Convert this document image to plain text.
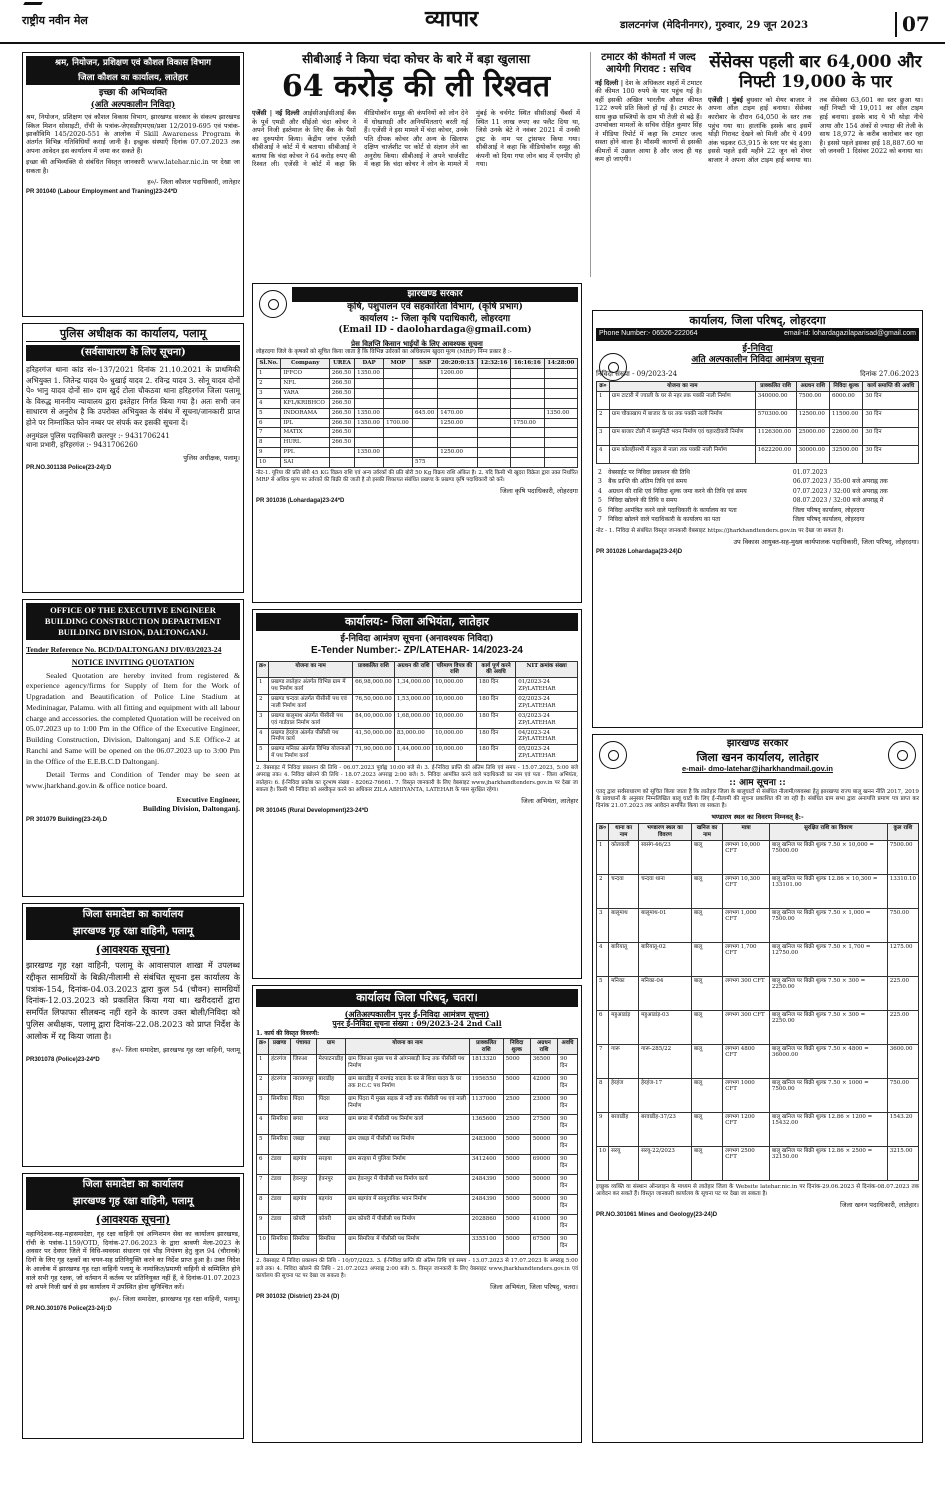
राष्ट्रीय नवीन मेल	व्यापार	डालटनगंज (मेदिनीनगर), गुरुवार, 29 जून 2023	07
श्रम, नियोजन, प्रशिक्षण एवं कौशल विकास विभाग
जिला कौशल का कार्यालय, लातेहार
इच्छा की अभिव्यक्ति
(अति अल्पकालीन निविदा)
श्रम, नियोजन, प्रशिक्षण एवं कौशल विकास विभाग, झारखण्ड सरकार के संकल्प झारखण्ड स्किल मिशन सोसाइटी, राँची के पत्रांक-जेएसडीएमएस/प्रशा 12/2019-695 एवं पत्रांक-झाकौविमि 145/2020-551 के आलोक में Skill Awareness Program के अंतर्गत विभिन्न गतिविधियाँ कराई जानी है। इच्छुक संस्थाएँ दिनांक 07.07.2023 तक अपना आवेदन इस कार्यालय में जमा कर सकते हैं।
इच्छा की अभिव्यक्ति से संबंधित विस्तृत जानकारी www.latehar.nic.in पर देखा जा सकता है।
ह०/- जिला कौशल पदाधिकारी, लातेहार
PR 301040 (Labour Employment and Traning)23-24*D
पुलिस अधीक्षक का कार्यालय, पलामू
(सर्वसाधारण के लिए सूचना)
हरिहरगंज थाना कांड सं०-137/2021 दिनांक 21.10.2021 के प्राथमिकी अभियुक्त 1. जितेन्द्र यादव पे० धुखाई यादव 2. रविन्द्र यादव 3. सोनू यादव दोनों पे० भानु यादव दोनों सा० दाम खुर्द टोला चौकठवा थाना हरिहरगंज जिला पलामू के विरुद्ध माननीय न्यायालय द्वारा इश्तेहार निर्गत किया गया है। अतः सभी जन साधारण से अनुरोध है कि उपरोक्त अभियुक्त के संबंध में सूचना/जानकारी प्राप्त होने पर निम्नांकित फोन नम्बर पर संपर्क कर इसकी सूचना दें।
अनुमंडल पुलिस पदाधिकारी छतरपुर :- 9431706241
थाना प्रभारी, हरिहरगंज :- 9431706260
पुलिस अधीक्षक, पलामू।
PR.NO.301138 Police(23-24):D
OFFICE OF THE EXECUTIVE ENGINEER BUILDING CONSTRUCTION DEPARTMENT BUILDING DIVISION, DALTONGANJ.
Tender Reference No. BCD/DALTONGANJ DIV/03/2023-24
NOTICE INVITING QUOTATION
Sealed Quotation are hereby invited from registered & experience agency/firms for Supply of Item for the Work of Upgradation and Beautification of Police Line Stadium at Medininagar, Palamu. with all fitting and equipment with all labour charge and accessories. the completed Quotation will be received on 05.07.2023 up to 1:00 Pm in the Office of the Executive Engineer, Building Construction, Division, Daltonganj and S.E Office-2 at Ranchi and Same will be opened on the 06.07.2023 up to 3:00 Pm in the Office of the E.E.B.C.D Daltonganj.
Detail Terms and Condition of Tender may be seen at www.jharkhand.gov.in & office notice board.
Executive Engineer,
Building Division, Daltonganj.
PR 301079 Building(23-24).D
जिला समादेष्टा का कार्यालय
झारखण्ड गृह रक्षा वाहिनी, पलामू
(आवश्यक सूचना)
झारखण्ड गृह रक्षा वाहिनी, पलामू के आवासपाल शाखा में उपलब्ध रद्दीकृत सामग्रियों के बिक्री/नीलामी से संबंधित सूचना इस कार्यालय के पत्रांक-154, दिनांक-04.03.2023 द्वारा कुल 54 (चौवन) सामग्रियों दिनांक-12.03.2023 को प्रकाशित किया गया था। खरीददारों द्वारा समर्पित लिफाफा सीलबन्द नहीं रहने के कारण उक्त बोली/निविदा को पुलिस अधीक्षक, पलामू द्वारा दिनांक-22.08.2023 को प्राप्त निर्देश के आलोक में रद्द किया जाता है।
ह०/- जिला समादेष्टा, झारखण्ड गृह रक्षा वाहिनी, पलामू
PR301078 (Police)23-24*D
जिला समादेष्टा का कार्यालय
झारखण्ड गृह रक्षा वाहिनी, पलामू
(आवश्यक सूचना)
महानिदेशक-सह-महासमादेष्टा, गृह रक्षा वाहिनी एवं अग्निशमन सेवा का कार्यालय झारखण्ड, राँची के पत्रांक-1159/OTD, दिनांक-27.06.2023 के द्वारा श्रावणी मेला-2023 के अवसर पर देवघर जिले में विधि-व्यवस्था संधारण एवं भीड़ नियंत्रण हेतु कुल 94 (चौरानबे) दिनों के लिए गृह रक्षकों का चयन-सह प्रतिनियुक्ति करने का निर्देश प्राप्त हुआ है। उक्त निदेश के आलोक में झारखण्ड गृह रक्षा वाहिनी पलामू के नामांकित/प्रमाणी वाहिनी से सम्मिलित होने वाले सभी गृह रक्षक, जो वर्तमान में कर्तव्य पर प्रतिनियुक्त नहीं हैं, वे दिनांक-01.07.2023 को अपने निजी खर्च से इस कार्यालय में उपस्थित होना सुनिश्चित करें।
ह०/- जिला समादेष्टा, झारखण्ड गृह रक्षा वाहिनी, पलामू।
PR.NO.301076 Police(23-24):D
सीबीआई ने किया चंदा कोचर के बारे में बड़ा खुलासा
64 करोड़ की ली रिश्वत
एजेंसी | नई दिल्ली आईसीआईसीआई बैंक के पूर्व एमडी और सीईओ चंदा कोचर ने अपने निजी इस्तेमाल के लिए बैंक के पैसों का दुरुपयोग किया। केंद्रीय जांच एजेंसी सीबीआई ने कोर्ट में ये बताया। सीबीआई ने बताया कि चंदा कोचर ने 64 करोड़ रुपए की रिश्वत ली। एजेंसी ने कोर्ट में कहा कि वीडियोकॉन समूह की कंपनियों को लोन देने में धोखाधड़ी और अनियमितताएं बरती गई हैं। एजेंसी ने इस मामले में चंदा कोचर, उनके पति दीपक कोचर और अन्य के खिलाफ दक्षिण चार्जशीट पर कोर्ट से संज्ञान लेने का अनुरोध किया। सीबीआई ने अपने चार्जशीट में कहा कि चंदा कोचर ने लोन के मामले में मुंबई के चर्चगेट स्थित सीसीआई चैंबर्स में स्थित 11 लाख रुपए का फ्लैट दिया था, जिसे उनके बेटे ने नवंबर 2021 में उनकी ट्रस्ट के नाम पर ट्रांसफर किया गया। सीबीआई ने कहा कि वीडियोकॉन समूह की कंपनी को दिया गया लोन बाद में एनपीए हो गया।
टमाटर की कीमतों में जल्द आयेगी गिरावट : सचिव
नई दिल्ली | देश के अधिकतर शहरों में टमाटर की कीमत 100 रुपये के पार पहुंच गई है। वहीं इसकी अखिल भारतीय औसत कीमत 122 रुपये प्रति किलो हो गई है। टमाटर के साथ कुछ सब्जियों के दाम भी तेजी से बढ़े हैं। उपभोक्ता मामलों के सचिव रोहित कुमार सिंह ने मीडिया रिपोर्ट में कहा कि टमाटर जल्द सस्ता होने वाला है। मौसमी कारणों से इसकी कीमतों में उछाल आया है और जल्द ही यह कम हो जाएगी।
सेंसेक्स पहली बार 64,000 और निफ्टी 19,000 के पार
एजेंसी | मुंबई बुधवार को शेयर बाजार ने अपना ऑल टाइम हाई बनाया। सेंसेक्स कारोबार के दौरान 64,050 के स्तर तक पहुंच गया था। हालांकि इसके बाद इसमें थोड़ी गिरावट देखने को मिली और ये 499 अंक चढ़कर 63,915 के स्तर पर बंद हुआ। इससे पहले इसी महीने 22 जून को शेयर बाजार ने अपना ऑल टाइम हाई बनाया था। तब सेंसेक्स 63,601 का स्तर छुआ था। वहीं निफ्टी भी 19,011 का ऑल टाइम हाई बनाया। इसके बाद ये भी थोड़ा नीचे आया और 154 अंकों से ज्यादा की तेजी के साथ 18,972 के करीब कारोबार कर रहा है। इससे पहले इसका हाई 18,887.60 था जो जनवरी 1 दिसंबर 2022 को बनाया था।
झारखण्ड सरकार
कृषि, पशुपालन एवं सहकारिता विभाग, (कृषि प्रभाग)
कार्यालय :- जिला कृषि पदाधिकारी, लोहरदगा
(Email ID - daolohardaga@gmail.com)
प्रेस विज्ञप्ति किसान भाईयों के लिए आवश्यक सूचना
लोहरदगा जिले के कृषकों को सूचित किया जाता है कि विभिन्न उर्वरकों का अधिकतम खुदरा मूल्य (MRP) निम्न प्रकार है :-
Sl.No.	Company	UREA	DAP	MOP	SSP	20:20:0:13	12:32:16	16:16:16	14:28:00
1	IFFCO	266.50	1350.00			1200.00			
2	NFL	266.50							
3	YARA	266.50							
4	KFL/KRIBHCO	266.50							
5	INDORAMA	266.50	1350.00		645.00	1470.00			1350.00
6	IPL	266.50	1350.00	1700.00		1250.00		1750.00	
7	MATIX	266.50							
8	HURL	266.50							
9	PPL		1350.00			1250.00			
10	SAI				575				
नोट-1. यूरिया की प्रति बोरी 45 KG विक्रय राशि एवं अन्य उर्वरकों की प्रति बोरी 50 Kg विक्रय राशि अंकित है। 2. यदि किसी भी खुदरा विक्रेता द्वारा उक्त निर्धारित MRP से अधिक मूल्य पर उर्वरकों की बिक्री की जाती है तो इसकी शिकायत संबंधित प्रखण्ड के प्रखण्ड कृषि पदाधिकारी को करें।
जिला कृषि पदाधिकारी, लोहरदगा
PR 301036 (Lohardaga)23-24*D
कार्यालय:- जिला अभियंता, लातेहार
ई-निविदा आमंत्रण सूचना (अनावश्यक निविदा)
E-Tender Number:- ZP/LATEHAR- 14/2023-24
क्र०	योजना का नाम	प्राक्कलित राशि	अग्रधन की राशि	परिमाण विपत्र की राशि	कार्य पूर्ण करने की अवधि	NIT क्रमांक संख्या
1	प्रखण्ड लातेहार अंतर्गत विभिन्न ग्राम में पथ निर्माण कार्य	66,98,000.00	1,34,000.00	10,000.00	180 दिन	01/2023-24 ZP/LATEHAR
2	प्रखण्ड चन्दवा अंतर्गत पीसीसी पथ एवं नाली निर्माण कार्य	76,50,000.00	1,53,000.00	10,000.00	180 दिन	02/2023-24 ZP/LATEHAR
3	प्रखण्ड बालूमाथ अंतर्गत पीसीसी पथ एवं गार्डवाल निर्माण कार्य	84,00,000.00	1,68,000.00	10,000.00	180 दिन	03/2023-24 ZP/LATEHAR
4	प्रखण्ड हेरहंज अंतर्गत पीसीसी पथ निर्माण कार्य	41,50,000.00	83,000.00	10,000.00	180 दिन	04/2023-24 ZP/LATEHAR
5	प्रखण्ड मनिका अंतर्गत विभिन्न योजनाओं में पथ निर्माण कार्य	71,90,000.00	1,44,000.00	10,000.00	180 दिन	05/2023-24 ZP/LATEHAR
2. वेबसाइट में निविदा प्रकाशन की तिथि - 06.07.2023 पूर्वाह्न 10:00 बजे से। 3. ई-निविदा प्राप्ति की अंतिम तिथि एवं समय - 15.07.2023, 5:00 बजे अपराह्न तक। 4. निविदा खोलने की तिथि - 18.07.2023 अपराह्न 2:00 बजे। 5. निविदा आमंत्रित करने वाले पदाधिकारी का नाम एवं पता - जिला अभियंता, लातेहार। 6. ई-निविदा प्रकोष्ठ का दूरभाष संख्या - 82062-76661. 7. विस्तृत जानकारी के लिए वेबसाइट www.jharkhandtenders.gov.in पर देखा जा सकता है। किसी भी निविदा को अस्वीकृत करने का अधिकार ZILA ABHIYANTA, LATEHAR के पास सुरक्षित रहेगा।
जिला अभियंता, लातेहार
PR 301045 (Rural Development)23-24*D
कार्यालय जिला परिषद्, चतरा।
(अतिअल्पकालीन पुनर ई-निविदा आमंत्रण सूचना)
पुनर ई-निविदा सूचना संख्या : 09/2023-24 2nd Call
1. कार्य की विस्तृत विवरणी:
क्र०	प्रखण्ड	पंचायत	ग्राम	योजना का नाम	प्राक्कलित राशि	निविदा शुल्क	अग्रधन राशि	अवधि
1	हंटरगंज	जिरुआ	मेरपाटनाडीह	ग्राम जिरुआ मुख्य पथ से आंगनबाड़ी केन्द्र तक पीसीसी पथ निर्माण	1813320	5000	36500	90 दिन
2	हंटरगंज	नारायणपुर	बाराडीह	ग्राम बाराडीह में रामचंद्र यादव के घर से शिवा यादव के घर तक P.C.C पथ निर्माण	1956550	5000	42000	90 दिन
3	सिमरिया	पिंदरा	पिंदरा	ग्राम पिंदरा में मुख्य सड़क से नदी तक पीसीसी पथ एवं नाली निर्माण	1137000	2500	23000	90 दिन
4	सिमरिया	बगरा	बगरा	ग्राम बगरा में पीसीसी पथ निर्माण कार्य	1365600	2500	27500	90 दिन
5	सिमरिया	जबड़ा	जबड़ा	ग्राम जबड़ा में पीसीसी पथ निर्माण	2483000	5000	50000	90 दिन
6	टंडवा	बड़गांव	सरइया	ग्राम सरइया में पुलिया निर्माण	3412400	5000	69000	90 दिन
7	टंडवा	हेवनपुर	हेवनपुर	ग्राम हेवनपुर में पीसीसी पथ निर्माण कार्य	2484390	5000	50000	90 दिन
8	टंडवा	बड़गांव	बड़गांव	ग्राम बड़गांव में सामुदायिक भवन निर्माण	2484390	5000	50000	90 दिन
9	टंडवा	कोयरी	कोयरी	ग्राम कोयरी में पीसीसी पथ निर्माण	2028860	5000	41000	90 दिन
10	सिमरिया	सिमरिया	सिमरिया	ग्राम सिमरिया में पीसीसी पथ निर्माण	3355100	5000	67500	90 दिन
2. वेबसाइट में निविदा प्रकाशन की तिथि - 10/07/2023. 3. ई-निविदा प्राप्ति की अंतिम तिथि एवं समय - 13.07.2023 से 17.07.2023 के अपराह्न 5:00 बजे तक। 4. निविदा खोलने की तिथि - 21.07.2023 अपराह्न 2:00 बजे। 5. विस्तृत जानकारी के लिए वेबसाइट www.jharkhandtenders.gov.in एवं कार्यालय की सूचना पट पर देखा जा सकता है।
जिला अभियंता, जिला परिषद्, चतरा।
PR 301032 (District) 23-24 (D)
कार्यालय, जिला परिषद्, लोहरदगा
Phone Number:- 06526-222064	email-id: lohardagazilaparisad@gmail.com
ई-निविदा
अति अल्पकालीन निविदा आमंत्रण सूचना
निविदा संख्या - 09/2023-24	दिनांक 27.06.2023
क्र०	योजना का नाम	प्राक्कलित राशि	अग्रधन राशि	निविदा शुल्क	कार्य समाप्ति की अवधि
1	ग्राम टाटारी में ज्वाली के घर से नहर तक पक्की नाली निर्माण	340000.00	7500.00	6000.00	30 दिन
2	ग्राम चौकाखाप में बाजार के घर तक पक्की नाली निर्माण	570300.00	12500.00	11500.00	30 दिन
3	ग्राम बाजार टोली में कम्युनिटी भवन निर्माण एवं चहारदीवारी निर्माण	1126300.00	25000.00	22600.00	30 दिन
4	ग्राम कोलहीसभी में स्कूल से नाला तक पक्की नाली निर्माण	1622200.00	30000.00	32500.00	30 दिन
2	वेबसाईट पर निविदा प्रकाशन की तिथि	01.07.2023
3	बैंक प्राप्ति की अंतिम तिथि एवं समय	06.07.2023 / 35:00 बजे अपराह्न तक
4	अग्रधन की राशि एवं निविदा शुल्क जमा करने की तिथि एवं समय	07.07.2023 / 32:00 बजे अपराह्न तक
5	निविदा खोलने की तिथि व समय	08.07.2023 / 32:00 बजे अपराह्न में
6	निविदा आमंत्रित करने वाले पदाधिकारी के कार्यालय का पता	जिला परिषद् कार्यालय, लोहरदगा
7	निविदा खोलने वाले पदाधिकारी के कार्यालय का पता	जिला परिषद् कार्यालय, लोहरदगा
नोट - 1. निविदा से संबंधित विस्तृत जानकारी वेबसाइट https://jharkhandtenders.gov.in पर देखा जा सकता है।
उप विकास आयुक्त-सह-मुख्य कार्यपालक पदाधिकारी, जिला परिषद्, लोहरदगा।
PR 301026 Lohardaga(23-24)D
झारखण्ड सरकार
जिला खनन कार्यालय, लातेहार
e-mail- dmo-latehar@jharkhandmail.gov.in
:: आम सूचना ::
एतद् द्वारा सर्वसाधारण को सूचित किया जाता है कि लातेहार जिला के बालूघाटों से संबंधित नीलामी/व्यवस्था हेतु झारखण्ड राज्य बालू खनन नीति 2017, 2019 के प्रावधानों के अनुसार निम्नलिखित बालू घाटों के लिए ई-नीलामी की सूचना प्रकाशित की जा रही है। संबंधित ग्राम सभा द्वारा अनापत्ति प्रमाण पत्र प्राप्त कर दिनांक 21.07.2023 तक आवेदन समर्पित किया जा सकता है।
भण्डारण स्थल का विवरण निम्नवत् है:-
क्र०	थाना का नाम	भण्डारण स्थल का विवरण	खनिज का नाम	मात्रा	सुरक्षित राशि का विवरण	कुल राशि
1	कोतवाली	सासंग-46/23	बालू	लगभग 10,000 CFT	बालू खनिज पर बिक्री शुल्क 7.50 × 10,000 = 75000.00	7500.00
2	चन्दवा	चन्दवा थाना	बालू	लगभग 10,300 CFT	बालू खनिज पर बिक्री शुल्क 12.86 × 10,300 = 133101.00	13310.10
3	बालूमाथ	बालूमाथ-01	बालू	लगभग 1,000 CFT	बालू खनिज पर बिक्री शुल्क 7.50 × 1,000 = 7500.00	750.00
4	बारियातू	बारियातू-02	बालू	लगभग 1,700 CFT	बालू खनिज पर बिक्री शुल्क 7.50 × 1,700 = 12750.00	1275.00
5	मनिका	मनिका-04	बालू	लगभग 300 CFT	बालू खनिज पर बिक्री शुल्क 7.50 × 300 = 2250.00	225.00
6	महुआडांड़	महुआडांड़-03	बालू	लगभग 300 CFT	बालू खनिज पर बिक्री शुल्क 7.50 × 300 = 2250.00	225.00
7	गारू	गारू-285/22	बालू	लगभग 4800 CFT	बालू खनिज पर बिक्री शुल्क 7.50 × 4800 = 36000.00	3600.00
8	हेरहंज	हेरहंज-17	बालू	लगभग 1000 CFT	बालू खनिज पर बिक्री शुल्क 7.50 × 1000 = 7500.00	750.00
9	बरवाडीह	बरवाडीह-37/23	बालू	लगभग 1200 CFT	बालू खनिज पर बिक्री शुल्क 12.86 × 1200 = 15432.00	1543.20
10	सरयू	सरयू-22/2023	बालू	लगभग 2500 CFT	बालू खनिज पर बिक्री शुल्क 12.86 × 2500 = 32150.00	3215.00
इच्छुक व्यक्ति या संस्थान ऑनलाइन के माध्यम से लातेहार जिला के Website latehar.nic.in पर दिनांक-29.06.2023 से दिनांक-08.07.2023 तक आवेदन कर सकते हैं। विस्तृत जानकारी कार्यालय के सूचना पट पर देखा जा सकता है।
जिला खनन पदाधिकारी, लातेहार।
PR.NO.301061 Mines and Geology(23-24)D
